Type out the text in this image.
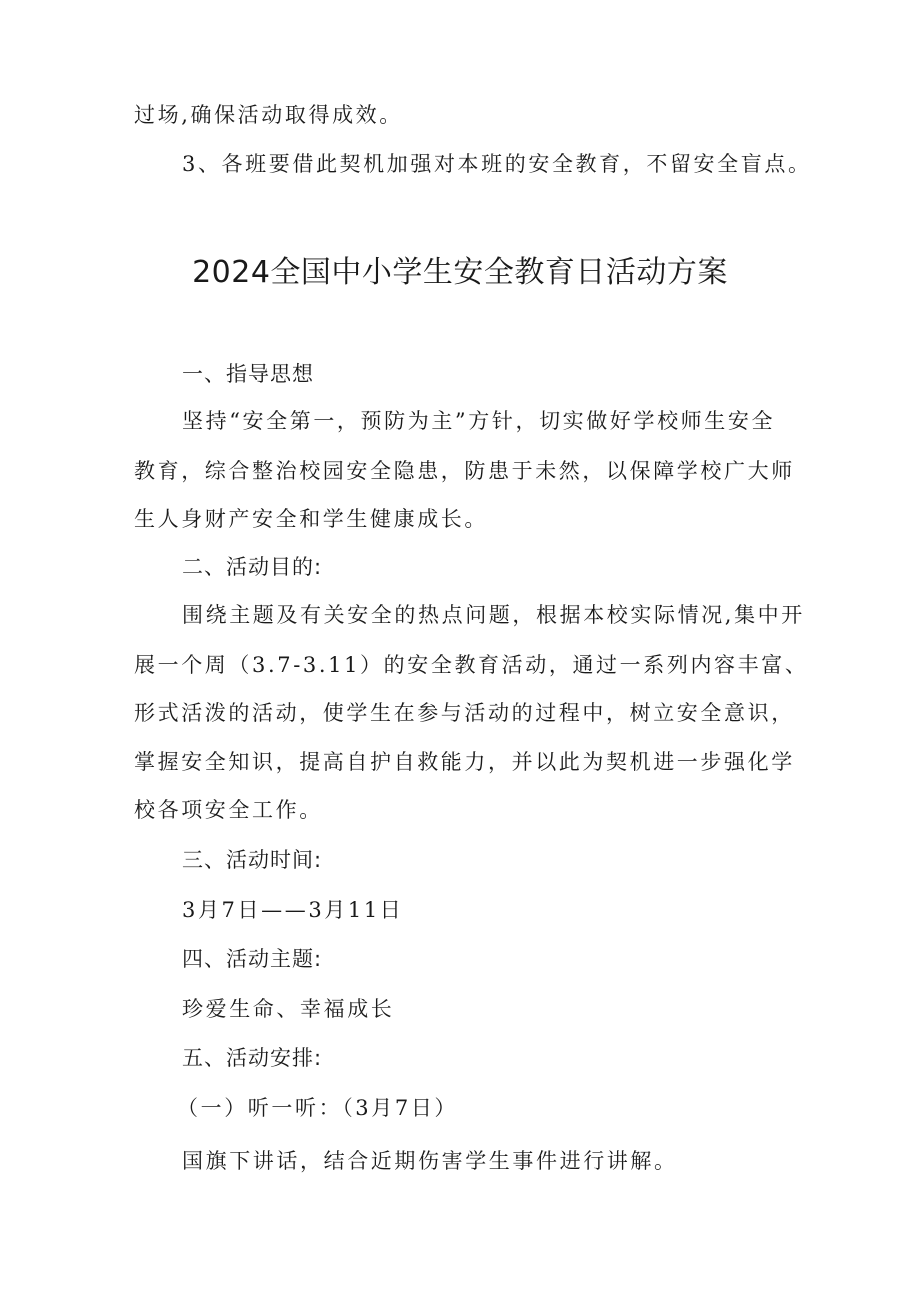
过场,确保活动取得成效。
3、各班要借此契机加强对本班的安全教育，不留安全盲点。
2024全国中小学生安全教育日活动方案
一、指导思想
坚持“安全第一，预防为主”方针，切实做好学校师生安全
教育，综合整治校园安全隐患，防患于未然，以保障学校广大师
生人身财产安全和学生健康成长。
二、活动目的:
围绕主题及有关安全的热点问题，根据本校实际情况,集中开
展一个周（3.7-3.11）的安全教育活动，通过一系列内容丰富、
形式活泼的活动，使学生在参与活动的过程中，树立安全意识，
掌握安全知识，提高自护自救能力，并以此为契机进一步强化学
校各项安全工作。
三、活动时间:
3月7日——3月11日
四、活动主题:
珍爱生命、幸福成长
五、活动安排:
（一）听一听：（3月7日）
国旗下讲话，结合近期伤害学生事件进行讲解。
